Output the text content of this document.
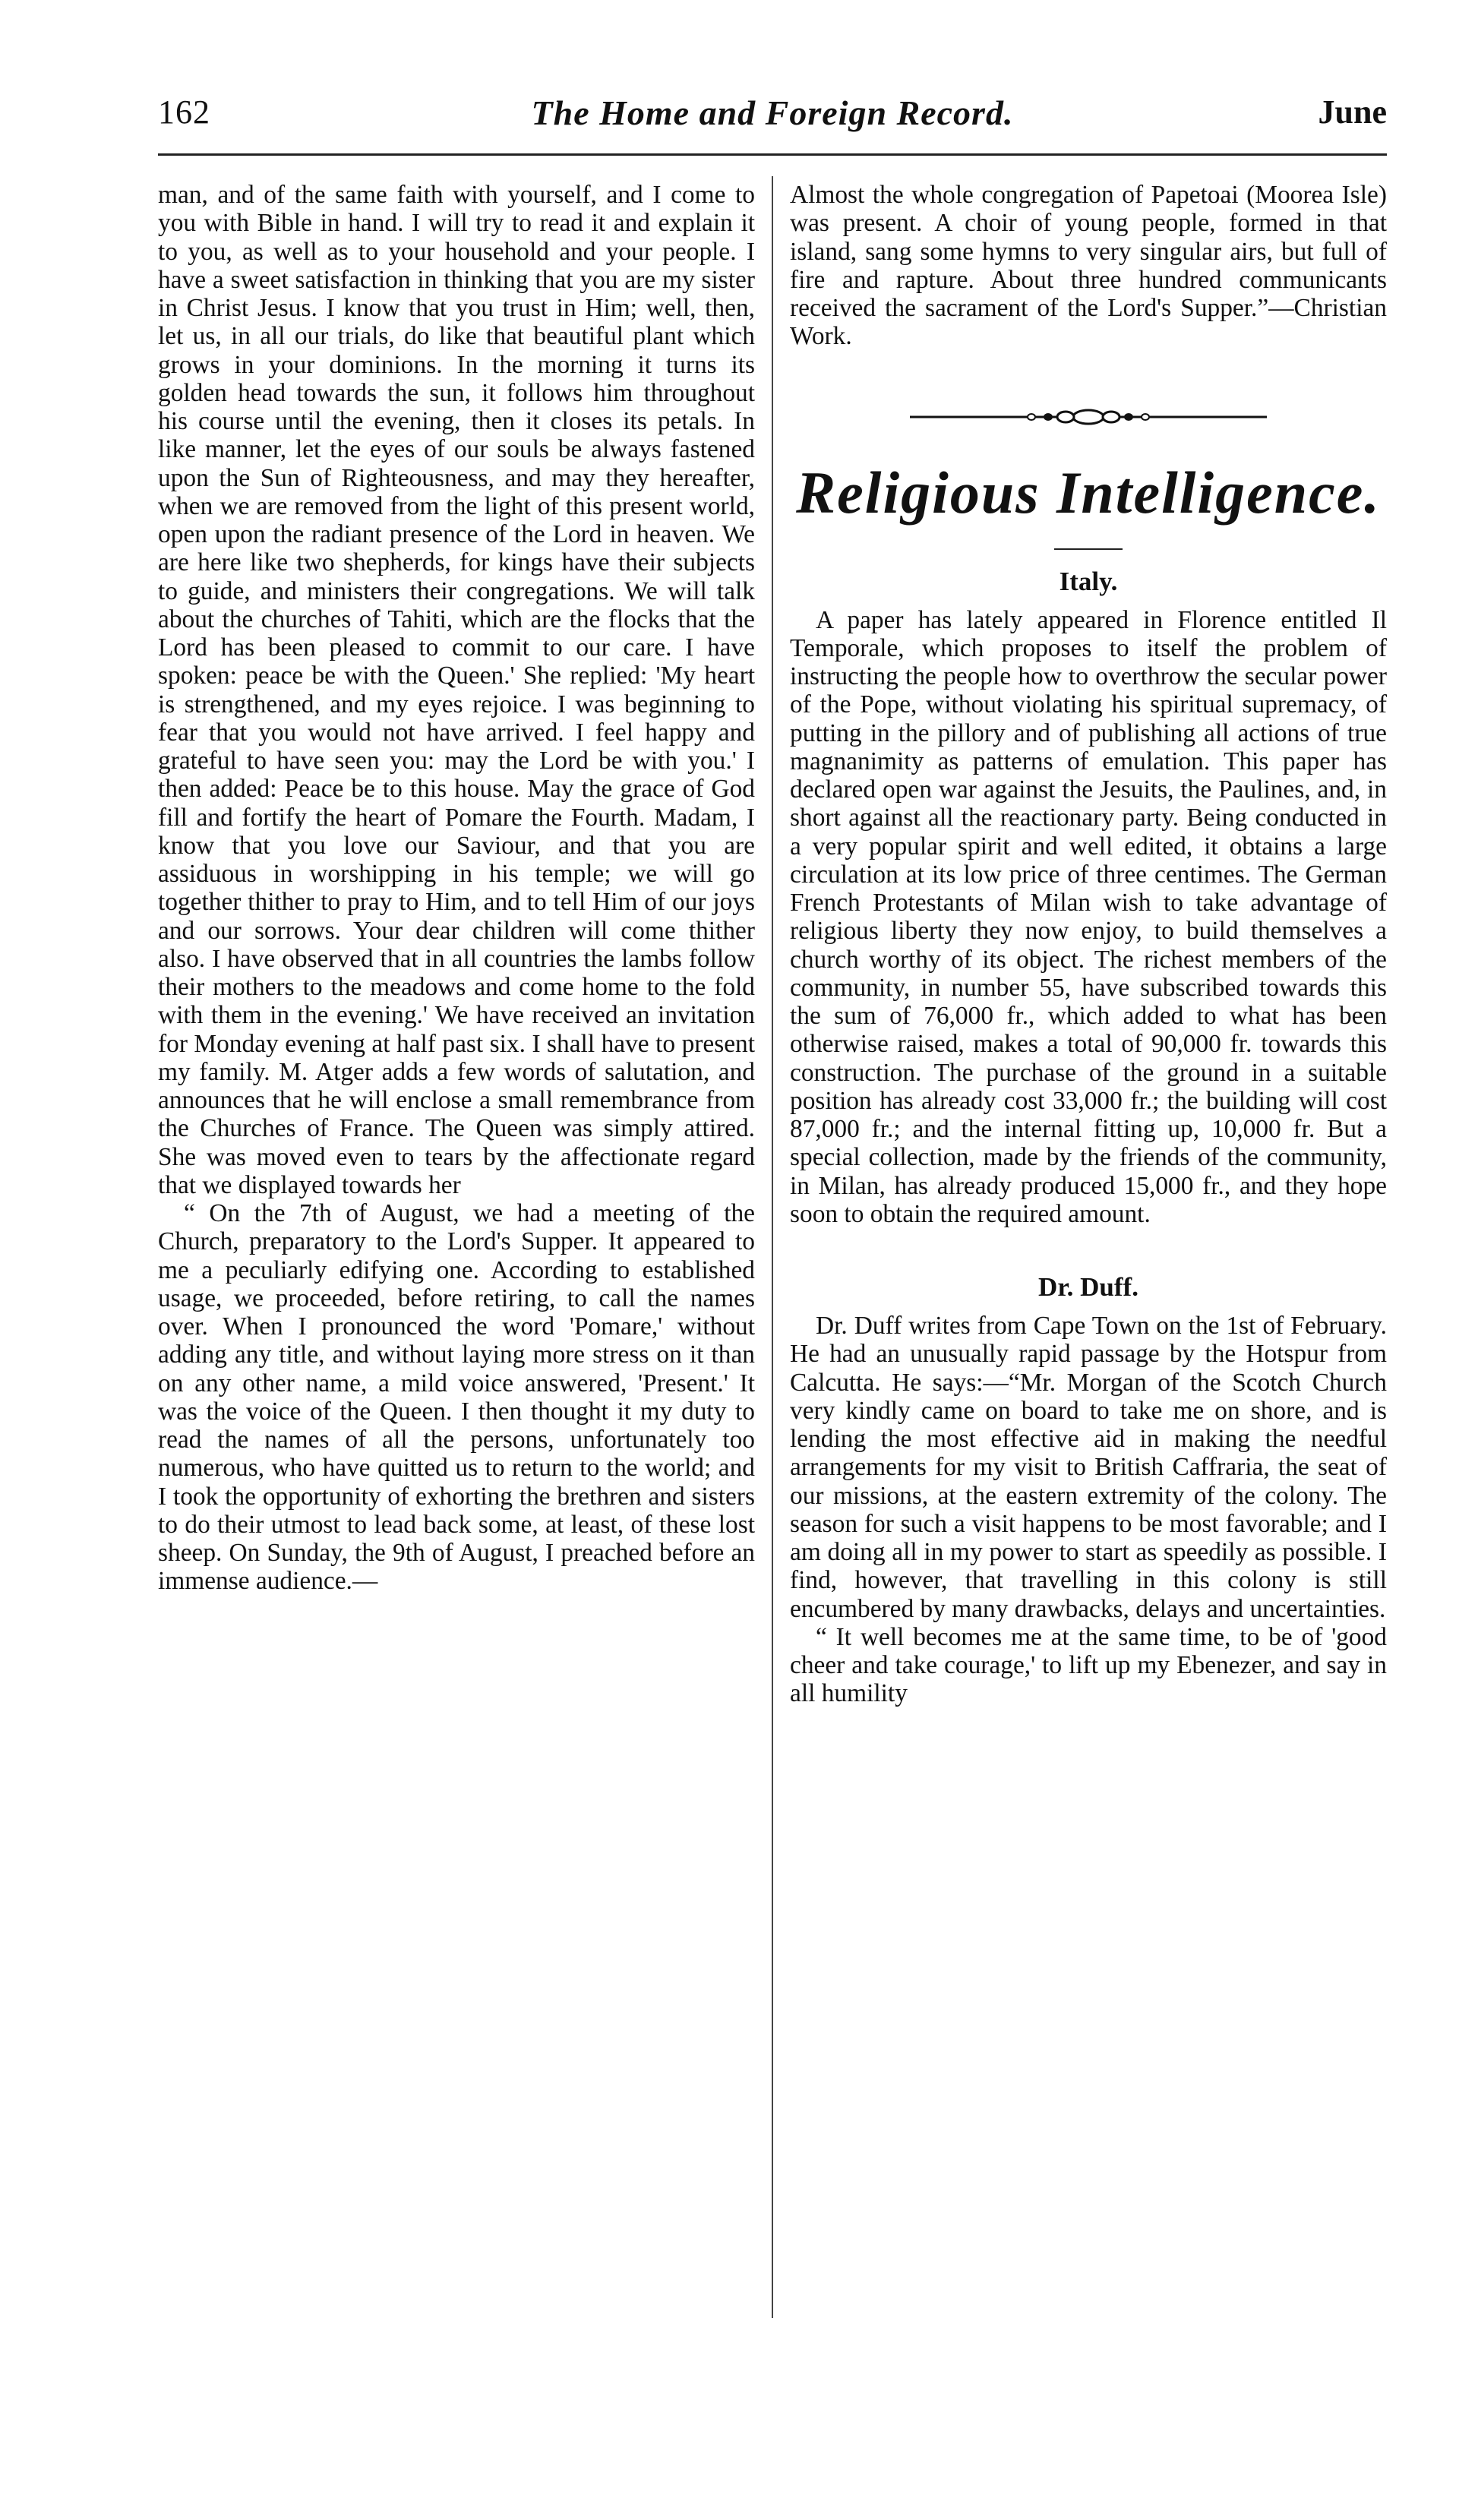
162	The Home and Foreign Record.	June

man, and of the same faith with yourself, and I come to you with Bible in hand. I will try to read it and explain it to you, as well as to your household and your people. I have a sweet satisfaction in thinking that you are my sister in Christ Jesus. I know that you trust in Him; well, then, let us, in all our trials, do like that beautiful plant which grows in your dominions. In the morning it turns its golden head towards the sun, it follows him throughout his course until the evening, then it closes its petals. In like manner, let the eyes of our souls be always fastened upon the Sun of Righteousness, and may they hereafter, when we are removed from the light of this present world, open upon the radiant presence of the Lord in heaven. We are here like two shepherds, for kings have their subjects to guide, and ministers their congregations. We will talk about the churches of Tahiti, which are the flocks that the Lord has been pleased to commit to our care. I have spoken: peace be with the Queen.' She replied: 'My heart is strengthened, and my eyes rejoice. I was beginning to fear that you would not have arrived. I feel happy and grateful to have seen you: may the Lord be with you.' I then added: Peace be to this house. May the grace of God fill and fortify the heart of Pomare the Fourth. Madam, I know that you love our Saviour, and that you are assiduous in worshipping in his temple; we will go together thither to pray to Him, and to tell Him of our joys and our sorrows. Your dear children will come thither also. I have observed that in all countries the lambs follow their mothers to the meadows and come home to the fold with them in the evening.' We have received an invitation for Monday evening at half past six. I shall have to present my family. M. Atger adds a few words of salutation, and announces that he will enclose a small remembrance from the Churches of France. The Queen was simply attired. She was moved even to tears by the affectionate regard that we displayed towards her

“ On the 7th of August, we had a meeting of the Church, preparatory to the Lord's Supper. It appeared to me a peculiarly edifying one. According to established usage, we proceeded, before retiring, to call the names over. When I pronounced the word 'Pomare,' without adding any title, and without laying more stress on it than on any other name, a mild voice answered, 'Present.' It was the voice of the Queen. I then thought it my duty to read the names of all the persons, unfortunately too numerous, who have quitted us to return to the world; and I took the opportunity of exhorting the brethren and sisters to do their utmost to lead back some, at least, of these lost sheep. On Sunday, the 9th of August, I preached before an immense audience.—

Almost the whole congregation of Papetoai (Moorea Isle) was present. A choir of young people, formed in that island, sang some hymns to very singular airs, but full of fire and rapture. About three hundred communicants received the sacrament of the Lord's Supper.”—Christian Work.

Religious Intelligence.
Italy.

A paper has lately appeared in Florence entitled Il Temporale, which proposes to itself the problem of instructing the people how to overthrow the secular power of the Pope, without violating his spiritual supremacy, of putting in the pillory and of publishing all actions of true magnanimity as patterns of emulation. This paper has declared open war against the Jesuits, the Paulines, and, in short against all the reactionary party. Being conducted in a very popular spirit and well edited, it obtains a large circulation at its low price of three centimes. The German French Protestants of Milan wish to take advantage of religious liberty they now enjoy, to build themselves a church worthy of its object. The richest members of the community, in number 55, have subscribed towards this the sum of 76,000 fr., which added to what has been otherwise raised, makes a total of 90,000 fr. towards this construction. The purchase of the ground in a suitable position has already cost 33,000 fr.; the building will cost 87,000 fr.; and the internal fitting up, 10,000 fr. But a special collection, made by the friends of the community, in Milan, has already produced 15,000 fr., and they hope soon to obtain the required amount.

Dr. Duff.

Dr. Duff writes from Cape Town on the 1st of February. He had an unusually rapid passage by the Hotspur from Calcutta. He says:—“Mr. Morgan of the Scotch Church very kindly came on board to take me on shore, and is lending the most effective aid in making the needful arrangements for my visit to British Caffraria, the seat of our missions, at the eastern extremity of the colony. The season for such a visit happens to be most favorable; and I am doing all in my power to start as speedily as possible. I find, however, that travelling in this colony is still encumbered by many drawbacks, delays and uncertainties.

“ It well becomes me at the same time, to be of 'good cheer and take courage,' to lift up my Ebenezer, and say in all humility
